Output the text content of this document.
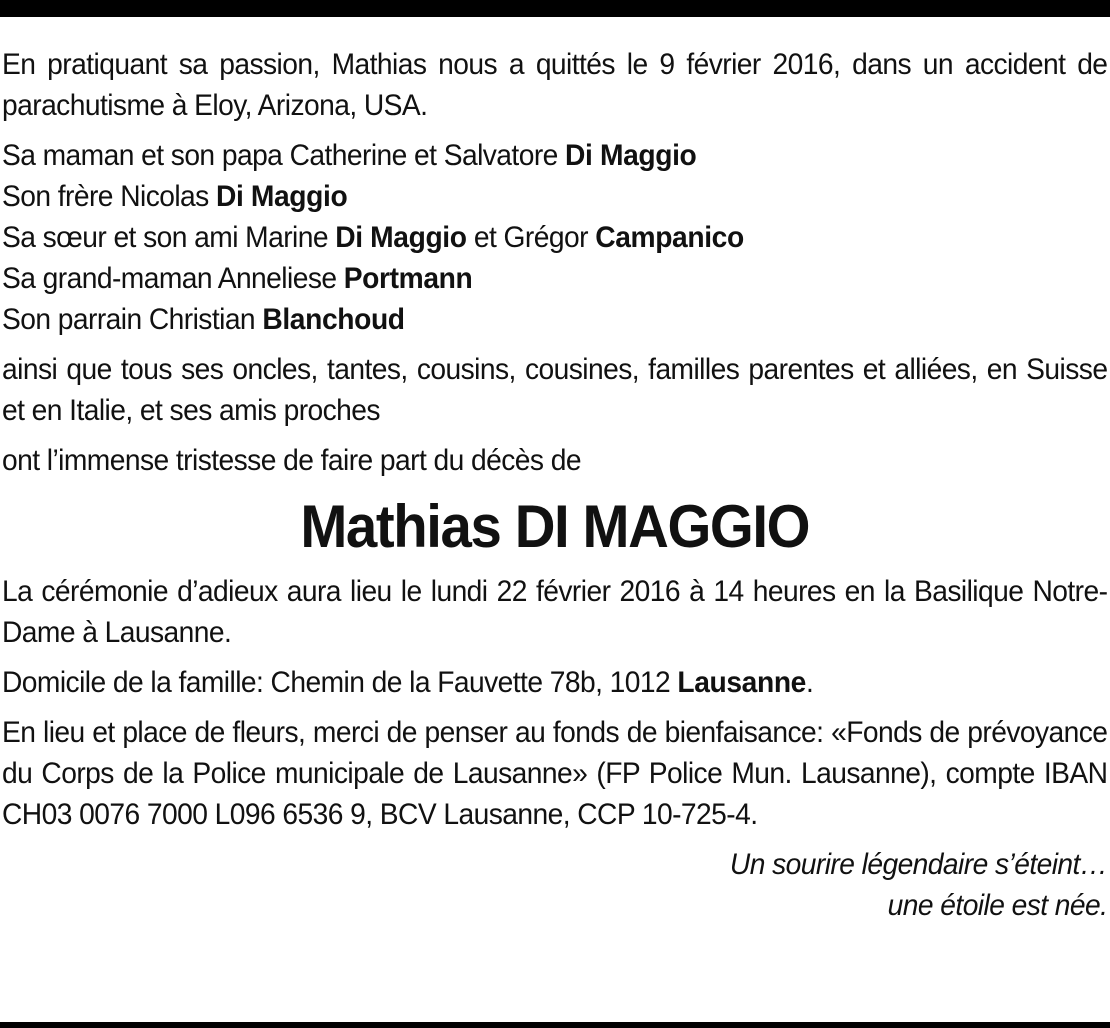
En pratiquant sa passion, Mathias nous a quittés le 9 février 2016, dans un accident de parachutisme à Eloy, Arizona, USA.

Sa maman et son papa Catherine et Salvatore Di Maggio
Son frère Nicolas Di Maggio
Sa sœur et son ami Marine Di Maggio et Grégor Campanico
Sa grand-maman Anneliese Portmann
Son parrain Christian Blanchoud

ainsi que tous ses oncles, tantes, cousins, cousines, familles parentes et alliées, en Suisse et en Italie, et ses amis proches

ont l’immense tristesse de faire part du décès de

Mathias DI MAGGIO

La cérémonie d’adieux aura lieu le lundi 22 février 2016 à 14 heures en la Basilique Notre-Dame à Lausanne.

Domicile de la famille: Chemin de la Fauvette 78b, 1012 Lausanne.

En lieu et place de fleurs, merci de penser au fonds de bienfaisance: «Fonds de prévoyance du Corps de la Police municipale de Lausanne» (FP Police Mun. Lausanne), compte IBAN CH03 0076 7000 L096 6536 9, BCV Lausanne, CCP 10-725-4.

Un sourire légendaire s’éteint…
une étoile est née.
